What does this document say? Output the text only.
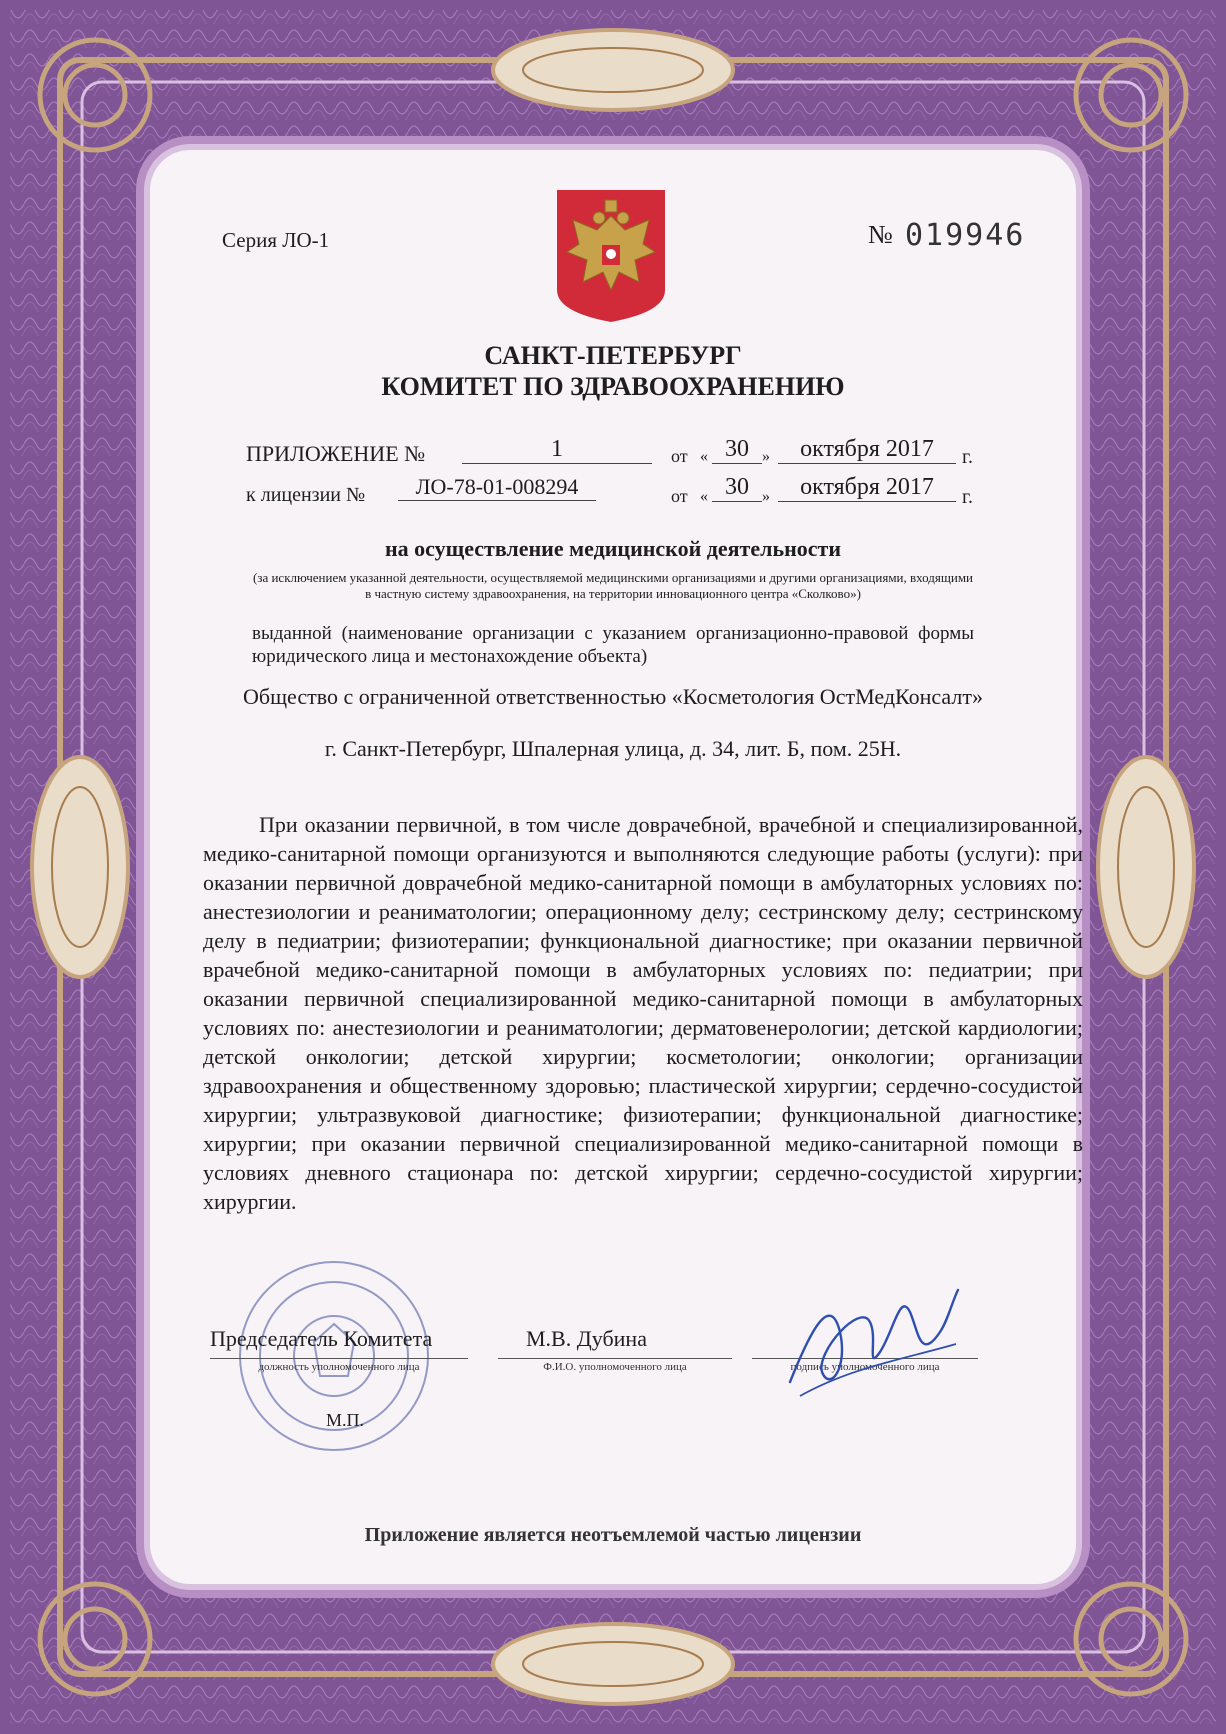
Серия ЛО-1	№ 019946
САНКТ-ПЕТЕРБУРГ
КОМИТЕТ ПО ЗДРАВООХРАНЕНИЮ
ПРИЛОЖЕНИЕ №	1	от « 30 »	октября 2017	г.
к лицензии №	ЛО-78-01-008294	от « 30 »	октября 2017	г.
на осуществление медицинской деятельности
(за исключением указанной деятельности, осуществляемой медицинскими организациями и другими организациями, входящими в частную систему здравоохранения, на территории инновационного центра «Сколково»)
выданной (наименование организации с указанием организационно-правовой формы юридического лица и местонахождение объекта)
Общество с ограниченной ответственностью «Косметология ОстМедКонсалт»
г. Санкт-Петербург, Шпалерная улица, д. 34, лит. Б, пом. 25Н.
При оказании первичной, в том числе доврачебной, врачебной и специализированной, медико-санитарной помощи организуются и выполняются следующие работы (услуги): при оказании первичной доврачебной медико-санитарной помощи в амбулаторных условиях по: анестезиологии и реаниматологии; операционному делу; сестринскому делу; сестринскому делу в педиатрии; физиотерапии; функциональной диагностике; при оказании первичной врачебной медико-санитарной помощи в амбулаторных условиях по: педиатрии; при оказании первичной специализированной медико-санитарной помощи в амбулаторных условиях по: анестезиологии и реаниматологии; дерматовенерологии; детской кардиологии; детской онкологии; детской хирургии; косметологии; онкологии; организации здравоохранения и общественному здоровью; пластической хирургии; сердечно-сосудистой хирургии; ультразвуковой диагностике; физиотерапии; функциональной диагностике; хирургии; при оказании первичной специализированной медико-санитарной помощи в условиях дневного стационара по: детской хирургии; сердечно-сосудистой хирургии; хирургии.
Председатель Комитета
должность уполномоченного лица
М.В. Дубина
Ф.И.О. уполномоченного лица	подпись уполномоченного лица
М.П.
Приложение является неотъемлемой частью лицензии
